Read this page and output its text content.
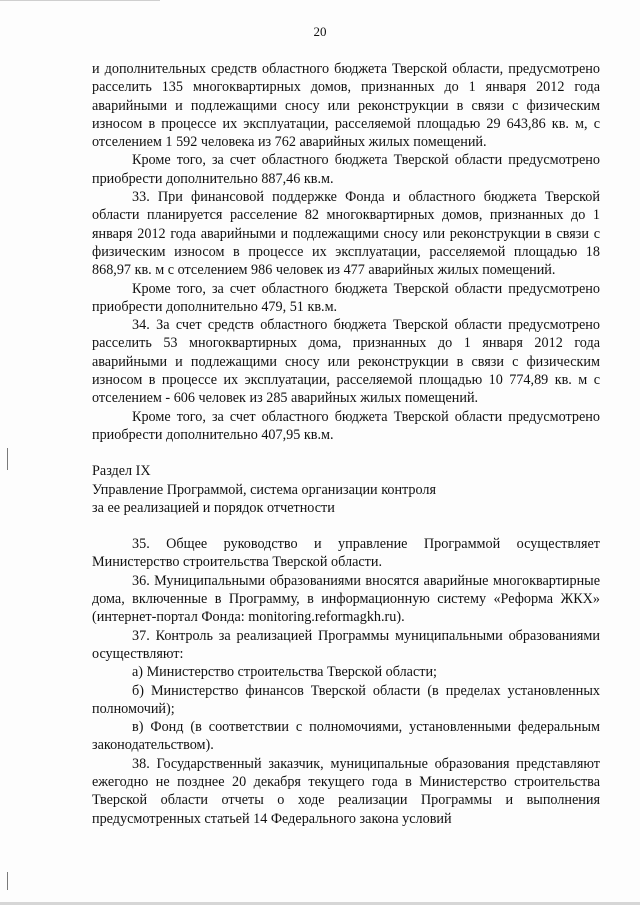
20

и дополнительных средств областного бюджета Тверской области, предусмотрено расселить 135 многоквартирных домов, признанных до 1 января 2012 года аварийными и подлежащими сносу или реконструкции в связи с физическим износом в процессе их эксплуатации, расселяемой площадью 29 643,86 кв. м, с отселением 1 592 человека из 762 аварийных жилых помещений.

Кроме того, за счет областного бюджета Тверской области предусмотрено приобрести дополнительно 887,46 кв.м.

33. При финансовой поддержке Фонда и областного бюджета Тверской области планируется расселение 82 многоквартирных домов, признанных до 1 января 2012 года аварийными и подлежащими сносу или реконструкции в связи с физическим износом в процессе их эксплуатации, расселяемой площадью 18 868,97 кв. м с отселением 986 человек из 477 аварийных жилых помещений.

Кроме того, за счет областного бюджета Тверской области предусмотрено приобрести дополнительно 479, 51 кв.м.

34. За счет средств областного бюджета Тверской области предусмотрено расселить 53 многоквартирных дома, признанных до 1 января 2012 года аварийными и подлежащими сносу или реконструкции в связи с физическим износом в процессе их эксплуатации, расселяемой площадью 10 774,89 кв. м с отселением - 606 человек из 285 аварийных жилых помещений.

Кроме того, за счет областного бюджета Тверской области предусмотрено приобрести дополнительно 407,95 кв.м.

Раздел IX

Управление Программой, система организации контроля

за ее реализацией и порядок отчетности

35. Общее руководство и управление Программой осуществляет Министерство строительства Тверской области.

36. Муниципальными образованиями вносятся аварийные многоквартирные дома, включенные в Программу, в информационную систему «Реформа ЖКХ» (интернет-портал Фонда: monitoring.reformagkh.ru).

37. Контроль за реализацией Программы муниципальными образованиями осуществляют:

а) Министерство строительства Тверской области;

б) Министерство финансов Тверской области (в пределах установленных полномочий);

в) Фонд (в соответствии с полномочиями, установленными федеральным законодательством).

38. Государственный заказчик, муниципальные образования представляют ежегодно не позднее 20 декабря текущего года в Министерство строительства Тверской области отчеты о ходе реализации Программы и выполнения предусмотренных статьей 14 Федерального закона условий
